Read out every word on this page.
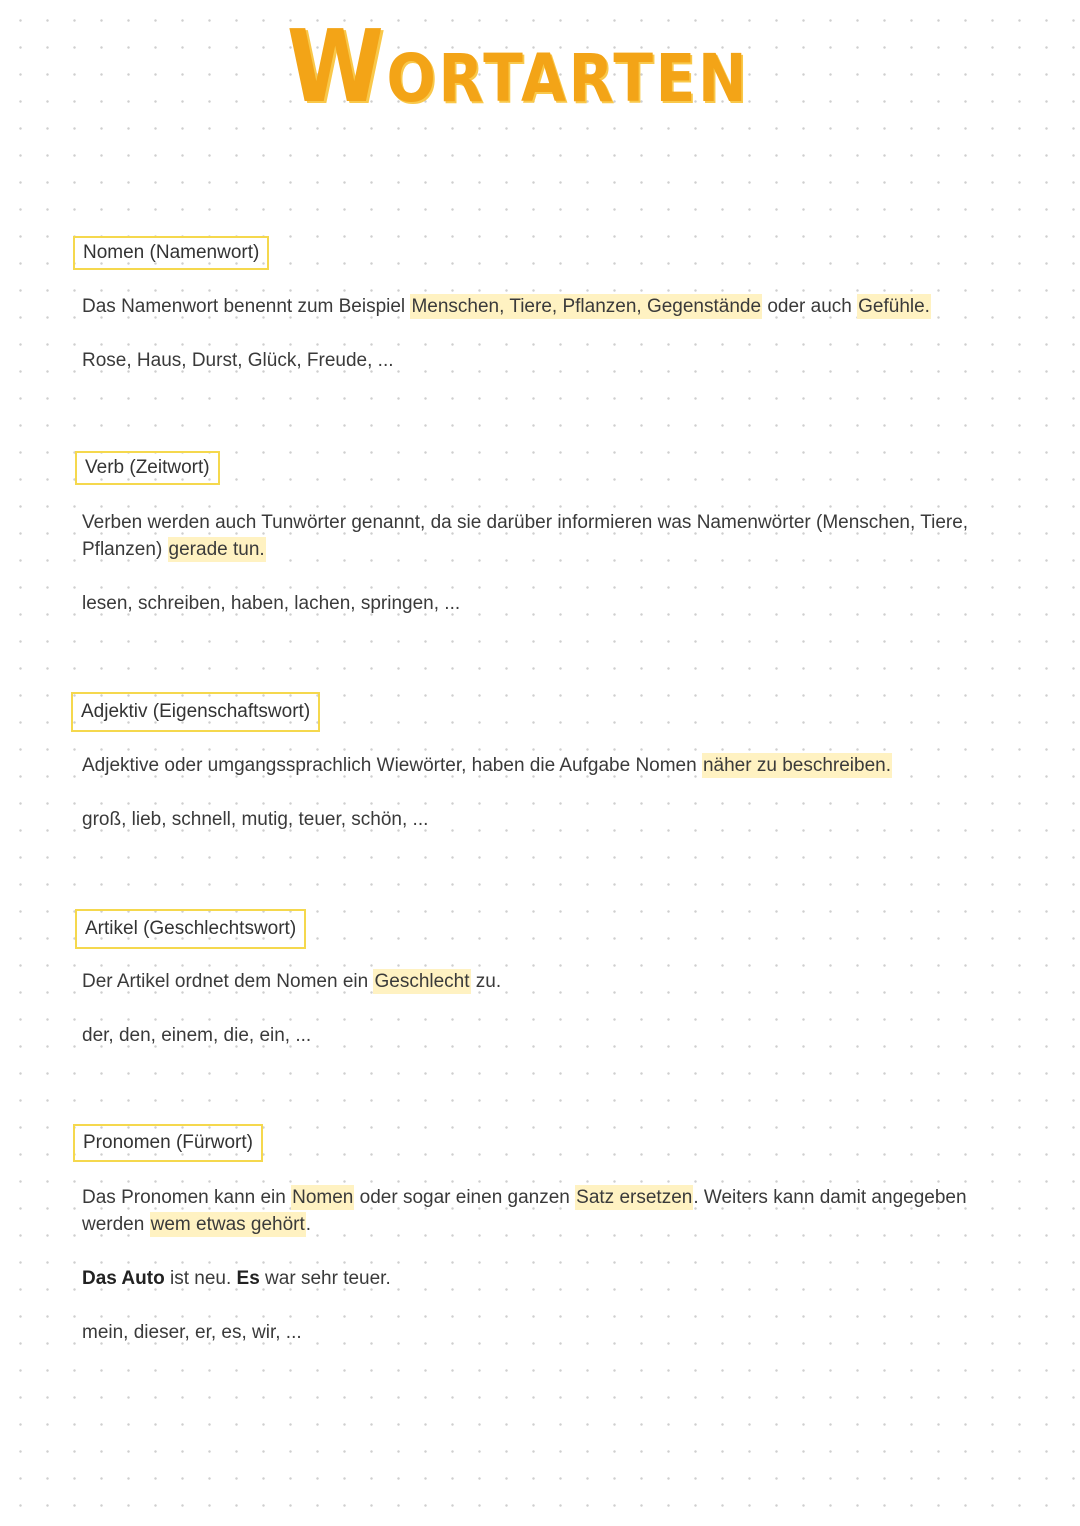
WORTARTEN
Nomen (Namenwort)
Das Namenwort benennt zum Beispiel Menschen, Tiere, Pflanzen, Gegenstände oder auch Gefühle.
Rose, Haus, Durst, Glück, Freude, ...
Verb (Zeitwort)
Verben werden auch Tunwörter genannt, da sie darüber informieren was Namenwörter (Menschen, Tiere,
Pflanzen) gerade tun.
lesen, schreiben, haben, lachen, springen, ...
Adjektiv (Eigenschaftswort)
Adjektive oder umgangssprachlich Wiewörter, haben die Aufgabe Nomen näher zu beschreiben.
groß, lieb, schnell, mutig, teuer, schön, ...
Artikel (Geschlechtswort)
Der Artikel ordnet dem Nomen ein Geschlecht zu.
der, den, einem, die, ein, ...
Pronomen (Fürwort)
Das Pronomen kann ein Nomen oder sogar einen ganzen Satz ersetzen. Weiters kann damit angegeben
werden wem etwas gehört.
Das Auto ist neu. Es war sehr teuer.
mein, dieser, er, es, wir, ...
